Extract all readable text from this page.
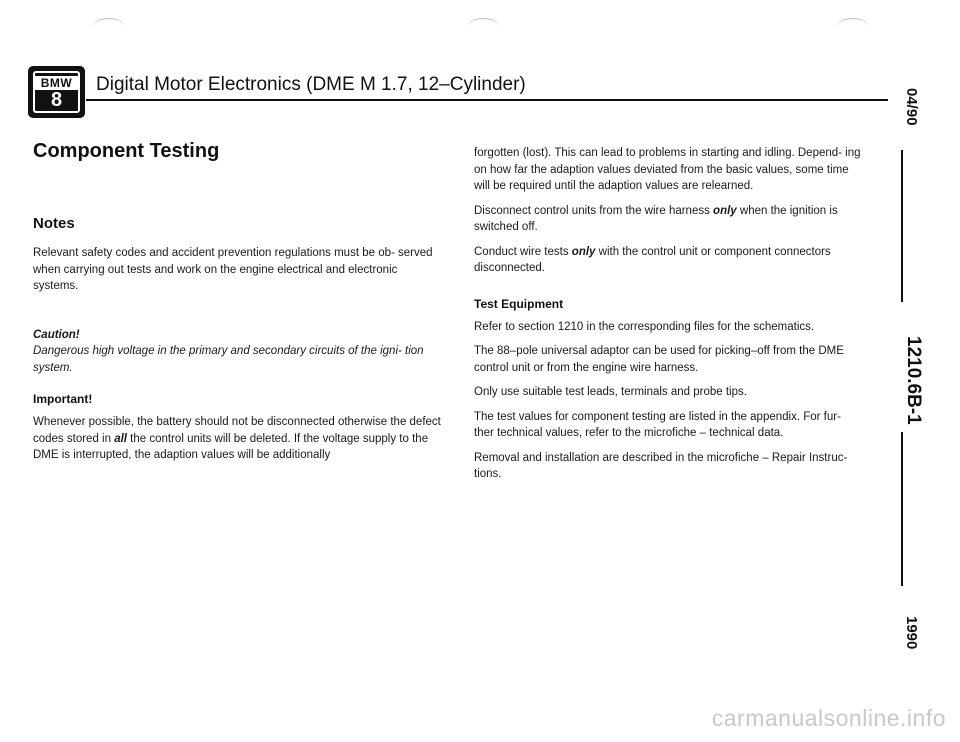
BMW
8
Digital Motor Electronics (DME M 1.7, 12–Cylinder)
Component Testing
Notes

Relevant safety codes and accident prevention regulations must be ob- served when carrying out tests and work on the engine electrical and electronic systems.

Caution!

Dangerous high voltage in the primary and secondary circuits of the igni- tion system.

Important!

Whenever possible, the battery should not be disconnected otherwise the defect codes stored in all the control units will be deleted. If the voltage supply to the DME is interrupted, the adaption values will be additionally

forgotten (lost). This can lead to problems in starting and idling. Depend- ing on how far the adaption values deviated from the basic values, some time will be required until the adaption values are relearned.

Disconnect control units from the wire harness only when the ignition is switched off.

Conduct wire tests only with the control unit or component connectors disconnected.

Test Equipment

Refer to section 1210 in the corresponding files for the schematics.

The 88–pole universal adaptor can be used for picking–off from the DME control unit or from the engine wire harness.

Only use suitable test leads, terminals and probe tips.

The test values for component testing are listed in the appendix. For fur- ther technical values, refer to the microfiche – technical data.

Removal and installation are described in the microfiche – Repair Instruc- tions.

04/90
1210.6B-1
1990
carmanualsonline.info
